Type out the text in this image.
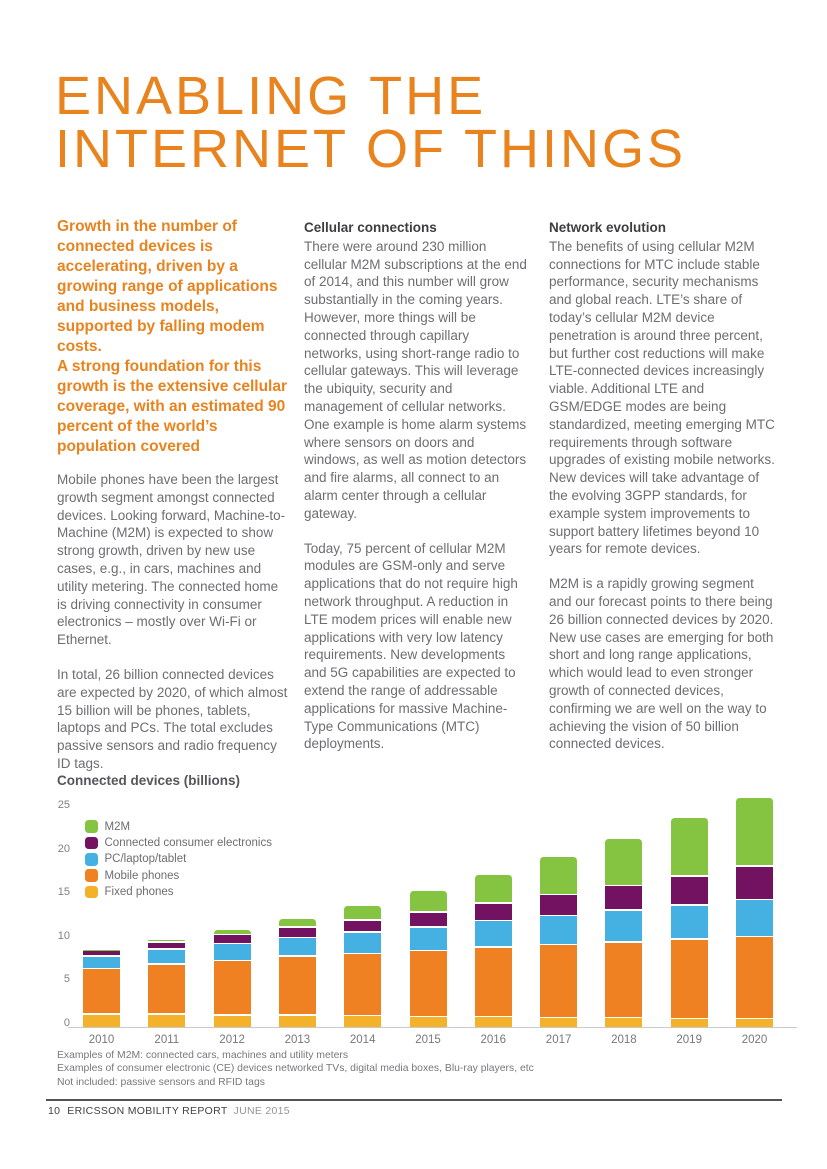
ENABLING THE
INTERNET OF THINGS

Growth in the number of connected devices is accelerating, driven by a growing range of applications and business models, supported by falling modem costs.

A strong foundation for this growth is the extensive cellular coverage, with an estimated 90 percent of the world’s population covered

Mobile phones have been the largest growth segment amongst connected devices. Looking forward, Machine-to-Machine (M2M) is expected to show strong growth, driven by new use cases, e.g., in cars, machines and utility metering. The connected home is driving connectivity in consumer electronics – mostly over Wi-Fi or Ethernet.

In total, 26 billion connected devices are expected by 2020, of which almost 15 billion will be phones, tablets, laptops and PCs. The total excludes passive sensors and radio frequency ID tags.

Cellular connections

There were around 230 million cellular M2M subscriptions at the end of 2014, and this number will grow substantially in the coming years. However, more things will be connected through capillary networks, using short-range radio to cellular gateways. This will leverage the ubiquity, security and management of cellular networks. One example is home alarm systems where sensors on doors and windows, as well as motion detectors and fire alarms, all connect to an alarm center through a cellular gateway.

Today, 75 percent of cellular M2M modules are GSM-only and serve applications that do not require high network throughput. A reduction in LTE modem prices will enable new applications with very low latency requirements. New developments and 5G capabilities are expected to extend the range of addressable applications for massive Machine-Type Communications (MTC) deployments.

Network evolution

The benefits of using cellular M2M connections for MTC include stable performance, security mechanisms and global reach. LTE’s share of today’s cellular M2M device penetration is around three percent, but further cost reductions will make LTE-connected devices increasingly viable. Additional LTE and GSM/EDGE modes are being standardized, meeting emerging MTC requirements through software upgrades of existing mobile networks. New devices will take advantage of the evolving 3GPP standards, for example system improvements to support battery lifetimes beyond 10 years for remote devices.

M2M is a rapidly growing segment and our forecast points to there being 26 billion connected devices by 2020. New use cases are emerging for both short and long range applications, which would lead to even stronger growth of connected devices, confirming we are well on the way to achieving the vision of 50 billion connected devices.

Connected devices (billions)
0
5
10
15
20
25
2010	2011	2012	2013	2014	2015	2016	2017	2018	2019	2020
M2M
Connected consumer electronics
PC/laptop/tablet
Mobile phones
Fixed phones
Examples of M2M: connected cars, machines and utility meters
Examples of consumer electronic (CE) devices networked TVs, digital media boxes, Blu-ray players, etc
Not included: passive sensors and RFID tags
10 ERICSSON MOBILITY REPORT JUNE 2015
